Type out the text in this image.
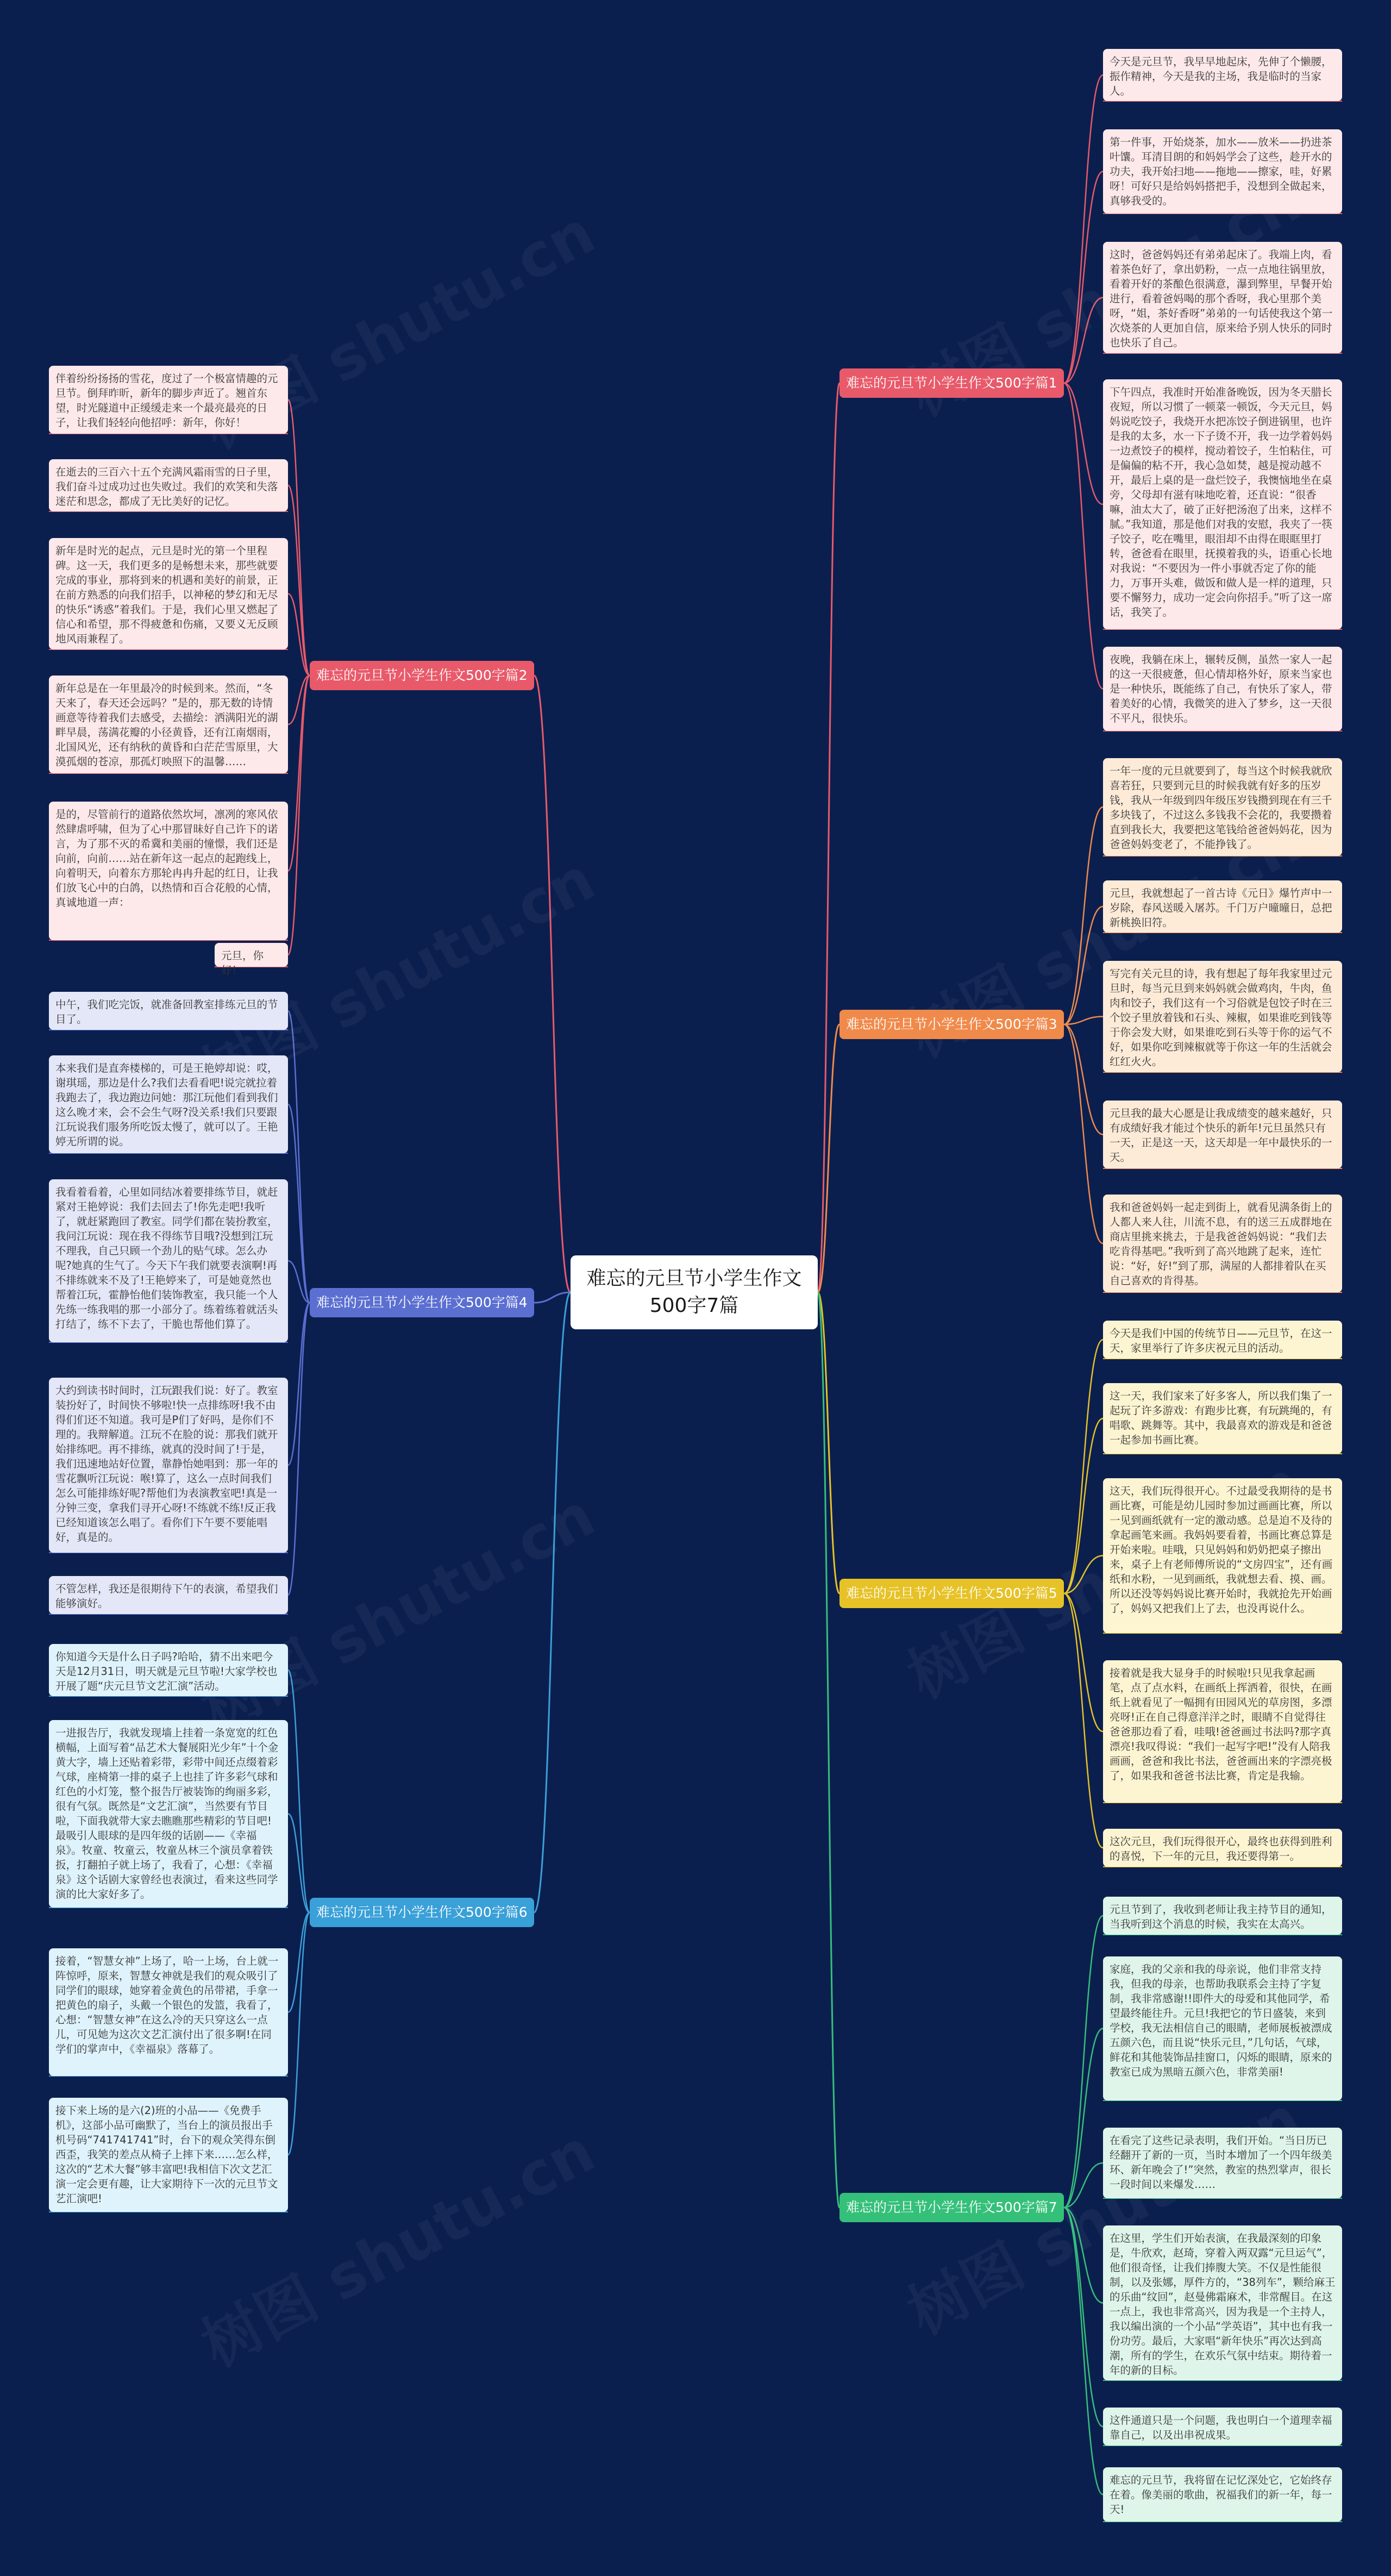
难忘的元旦节小学生作文500字7篇
难忘的元旦节小学生作文500字篇1
今天是元旦节，我早早地起床，先伸了个懒腰，振作精神，今天是我的主场，我是临时的当家人。
第一件事，开始烧茶，加水——放米——扔进茶叶馕。耳清目朗的和妈妈学会了这些，趁开水的功夫，我开始扫地——拖地——擦家，哇，好累呀！可好只是给妈妈搭把手，没想到全做起来，真够我受的。
这时，爸爸妈妈还有弟弟起床了。我端上肉，看着茶色好了，拿出奶粉，一点一点地往锅里放，看着开好的茶酿色很满意，瀑到弊里，早餐开始进行，看着爸妈喝的那个香呀，我心里那个美呀，“姐，茶好香呀”弟弟的一句话使我这个第一次烧茶的人更加自信，原来给予别人快乐的同时也快乐了自己。
下午四点，我准时开始准备晚饭，因为冬天腊长夜短，所以习惯了一顿菜一顿饭，今天元旦，妈妈说吃饺子，我烧开水把冻饺子倒进锅里，也许是我的太多，水一下子烫不开，我一边学着妈妈一边煮饺子的模样，搅动着饺子，生怕粘住，可是偏偏的粘不开，我心急如焚，越是搅动越不开，最后上桌的是一盘烂饺子，我懊恼地坐在桌旁，父母却有滋有味地吃着，还直说：“很香嘛，油太大了，破了正好把汤泡了出来，这样不腻。”我知道，那是他们对我的安慰，我夹了一筷子饺子，吃在嘴里，眼泪却不由得在眼眶里打转，爸爸看在眼里，抚摸着我的头，语重心长地对我说：“不要因为一件小事就否定了你的能力，万事开头难，做饭和做人是一样的道理，只要不懈努力，成功一定会向你招手。”听了这一席话，我笑了。
夜晚，我躺在床上，辗转反侧，虽然一家人一起的这一天很疲惫，但心情却格外好，原来当家也是一种快乐，既能练了自己，有快乐了家人，带着美好的心情，我微笑的进入了梦乡，这一天很不平凡，很快乐。
难忘的元旦节小学生作文500字篇2
伴着纷纷扬扬的雪花，度过了一个极富情趣的元旦节。倒拜昨昕，新年的脚步声近了。翘首东望，时光隧道中正缓缓走来一个最亮最亮的日子，让我们轻轻向他招呼：新年，你好！
在逝去的三百六十五个充满风霜雨雪的日子里，我们奋斗过成功过也失败过。我们的欢笑和失落迷茫和思念，都成了无比美好的记忆。
新年是时光的起点，元旦是时光的第一个里程碑。这一天，我们更多的是畅想未来，那些就要完成的事业，那将到来的机遇和美好的前景，正在前方熟悉的向我们招手，以神秘的梦幻和无尽的快乐“诱惑”着我们。于是，我们心里又燃起了信心和希望，那不得疲惫和伤痛，又要义无反顾地风雨兼程了。
新年总是在一年里最冷的时候到来。然而，“冬天来了，春天还会远吗？”是的，那无数的诗情画意等待着我们去感受，去描绘：洒满阳光的湖畔早晨，荡满花瓣的小径黄昏，还有江南烟雨，北国风光，还有纳秋的黄昏和白茫茫雪原里，大漠孤烟的苍凉，那孤灯映照下的温馨……
是的，尽管前行的道路依然坎坷，凛冽的寒风依然肆虐呼啸，但为了心中那冒昧好自己许下的诺言，为了那不灭的希冀和美丽的憧憬，我们还是向前，向前……站在新年这一起点的起跑线上，向着明天，向着东方那轮冉冉升起的红日，让我们放飞心中的白鸽，以热情和百合花般的心情，真诚地道一声：
元旦，你好！
难忘的元旦节小学生作文500字篇3
一年一度的元旦就要到了，每当这个时候我就欣喜若狂，只要到元旦的时候我就有好多的压岁钱，我从一年级到四年级压岁钱攒到现在有三千多块钱了，不过这么多钱我不会花的，我要攒着直到我长大，我要把这笔钱给爸爸妈妈花，因为爸爸妈妈变老了，不能挣钱了。
元旦，我就想起了一首古诗《元日》爆竹声中一岁除，春风送暖入屠苏。千门万户曈曈日，总把新桃换旧符。
写完有关元旦的诗，我有想起了每年我家里过元旦时，每当元旦到来妈妈就会做鸡肉，牛肉，鱼肉和饺子，我们这有一个习俗就是包饺子时在三个饺子里放着钱和石头、辣椒，如果谁吃到钱等于你会发大财，如果谁吃到石头等于你的运气不好，如果你吃到辣椒就等于你这一年的生活就会红红火火。
元旦我的最大心愿是让我成绩变的越来越好，只有成绩好我才能过个快乐的新年!元旦虽然只有一天，正是这一天，这天却是一年中最快乐的一天。
我和爸爸妈妈一起走到街上，就看见满条街上的人都人来人往，川流不息，有的送三五成群地在商店里挑来挑去，于是我爸爸妈妈说：“我们去吃肯得基吧。”我听到了高兴地跳了起来，连忙说：“好，好!”到了那，满屋的人都排着队在买自己喜欢的肯得基。
难忘的元旦节小学生作文500字篇4
中午，我们吃完饭，就准备回教室排练元旦的节目了。
本来我们是直奔楼梯的，可是王艳婷却说：哎，谢琪瑶，那边是什么?我们去看看吧!说完就拉着我跑去了，我边跑边问她：那江玩他们看到我们这么晚才来，会不会生气呀?没关系!我们只要跟江玩说我们服务所吃饭太慢了，就可以了。王艳婷无所谓的说。
我看着看着，心里如同结冰着要排练节目，就赶紧对王艳婷说：我们去回去了!你先走吧!我听了，就赶紧跑回了教室。同学们都在装扮教室，我问江玩说：现在我不得练节目哦?没想到江玩不理我，自己只顾一个劲儿的贴气球。怎么办呢?她真的生气了。今天下午我们就要表演啊!再不排练就来不及了!王艳婷来了，可是她竟然也帮着江玩，霍静怡他们装饰教室，我只能一个人先练一练我唱的那一小部分了。练着练着就活头打结了，练不下去了，干脆也帮他们算了。
大约到读书时间时，江玩跟我们说：好了。教室装扮好了，时间快不够啦!快一点排练呀!我不由得们们还不知道。我可是P们了好吗，是你们不理的。我辩解道。江玩不在脸的说：那我们就开始排练吧。再不排练，就真的没时间了!于是，我们迅速地站好位置，靠静怡她唱到：那一年的雪花飘听江玩说：喉!算了，这么一点时间我们怎么可能排练好呢?帮他们为表演教室吧!真是一分钟三变，拿我们寻开心呀!不练就不练!反正我已经知道该怎么唱了。看你们下午要不要能唱好，真是的。
不管怎样，我还是很期待下午的表演，希望我们能够演好。
难忘的元旦节小学生作文500字篇5
今天是我们中国的传统节日——元旦节，在这一天，家里举行了许多庆祝元旦的活动。
这一天，我们家来了好多客人，所以我们集了一起玩了许多游戏：有跑步比赛，有玩跳绳的，有唱歌、跳舞等。其中，我最喜欢的游戏是和爸爸一起参加书画比赛。
这天，我们玩得很开心。不过最受我期待的是书画比赛，可能是幼儿园时参加过画画比赛，所以一见到画纸就有一定的激动感。总是迫不及待的拿起画笔来画。我妈妈要看着，书画比赛总算是开始来啦。哇哦，只见妈妈和奶奶把桌子擦出来，桌子上有老师傅所说的“文房四宝”，还有画纸和水粉，一见到画纸，我就想去看、摸、画。所以还没等妈妈说比赛开始时，我就抢先开始画了，妈妈又把我们上了去，也没再说什么。
接着就是我大显身手的时候啦!只见我拿起画笔，点了点水料，在画纸上挥洒着，很快，在画纸上就看见了一幅拥有田园风光的草房图，多漂亮呀!正在自己得意洋洋之时，眼睛不自觉得往爸爸那边看了看，哇哦!爸爸画过书法吗?那字真漂亮!我叹得说：“我们一起写字吧!”没有人陪我画画，爸爸和我比书法，爸爸画出来的字漂亮极了，如果我和爸爸书法比赛，肯定是我输。
这次元旦，我们玩得很开心，最终也获得到胜利的喜悦，下一年的元旦，我还要得第一。
难忘的元旦节小学生作文500字篇6
你知道今天是什么日子吗?哈哈，猜不出来吧今天是12月31日，明天就是元旦节啦!大家学校也开展了题“庆元旦节文艺汇演”活动。
一进报告厅，我就发现墙上挂着一条宽宽的红色横幅，上面写着“品艺术大餐展阳光少年”十个金黄大字，墙上还贴着彩带，彩带中间还点缀着彩气球，座椅第一排的桌子上也挂了许多彩气球和红色的小灯笼，整个报告厅被装饰的绚丽多彩，很有气氛。既然是“文艺汇演”，当然要有节目啦，下面我就带大家去瞧瞧那些精彩的节目吧!最吸引人眼球的是四年级的话剧——《幸福泉》。牧童、牧童云，牧童丛林三个演员拿着铁扳，打翻拍子就上场了，我看了，心想：《幸福泉》这个话剧大家曾经也表演过，看来这些同学演的比大家好多了。
接着，“智慧女神”上场了，哈一上场，台上就一阵惊呼，原来，智慧女神就是我们的观众吸引了同学们的眼球，她穿着金黄色的吊带裙，手拿一把黄色的扇子，头戴一个银色的发篮，我看了，心想：“智慧女神”在这么冷的天只穿这么一点儿，可见她为这次文艺汇演付出了很多啊!在同学们的掌声中，《幸福泉》落幕了。
接下来上场的是六(2)班的小品——《免费手机》，这部小品可幽默了，当台上的演员报出手机号码“741741741”时，台下的观众笑得东倒西歪，我笑的差点从椅子上摔下来……怎么样，这次的“艺术大餐”够丰富吧!我相信下次文艺汇演一定会更有趣，让大家期待下一次的元旦节文艺汇演吧!
难忘的元旦节小学生作文500字篇7
元旦节到了，我收到老师让我主持节目的通知，当我听到这个消息的时候，我实在太高兴。
家庭，我的父亲和我的母亲说，他们非常支持我，但我的母亲，也帮助我联系会主持了字复制，我非常感谢!!即件大的母爱和其他同学，希望最终能往升。元旦!我把它的节日盛装，来到学校，我无法相信自己的眼睛，老师展板被漂成五颜六色，而且说“快乐元旦，”几句话，气球，鲜花和其他装饰品挂窗口，闪烁的眼睛，原来的教室已成为黑暗五颜六色，非常美丽!
在看完了这些记录表明，我们开始。“当日历已经翻开了新的一页，当时本增加了一个四年级美环、新年晚会了!”突然，教室的热烈掌声，很长一段时间以来爆发……
在这里，学生们开始表演，在我最深刻的印象是，牛欣欢，赵琦，穿着入两双露“元旦运气”，他们很奇怪，让我们捧腹大笑。不仅是性能很制，以及张娜，厚件方的，“38列车”，颗给麻王的乐曲“纹回”，赵曼佛霜麻术，非常醒目。在这一点上，我也非常高兴，因为我是一个主持人，我以编出演的一个小品“学英语”，其中也有我一份功劳。最后，大家唱“新年快乐”再次达到高潮，所有的学生，在欢乐气氛中结束。期待着一年的新的目标。
这件通道只是一个问题，我也明白一个道理幸福靠自己，以及出串祝成果。
难忘的元旦节，我将留在记忆深处它，它始终存在着。像美丽的歌曲，祝福我们的新一年，每一天!
